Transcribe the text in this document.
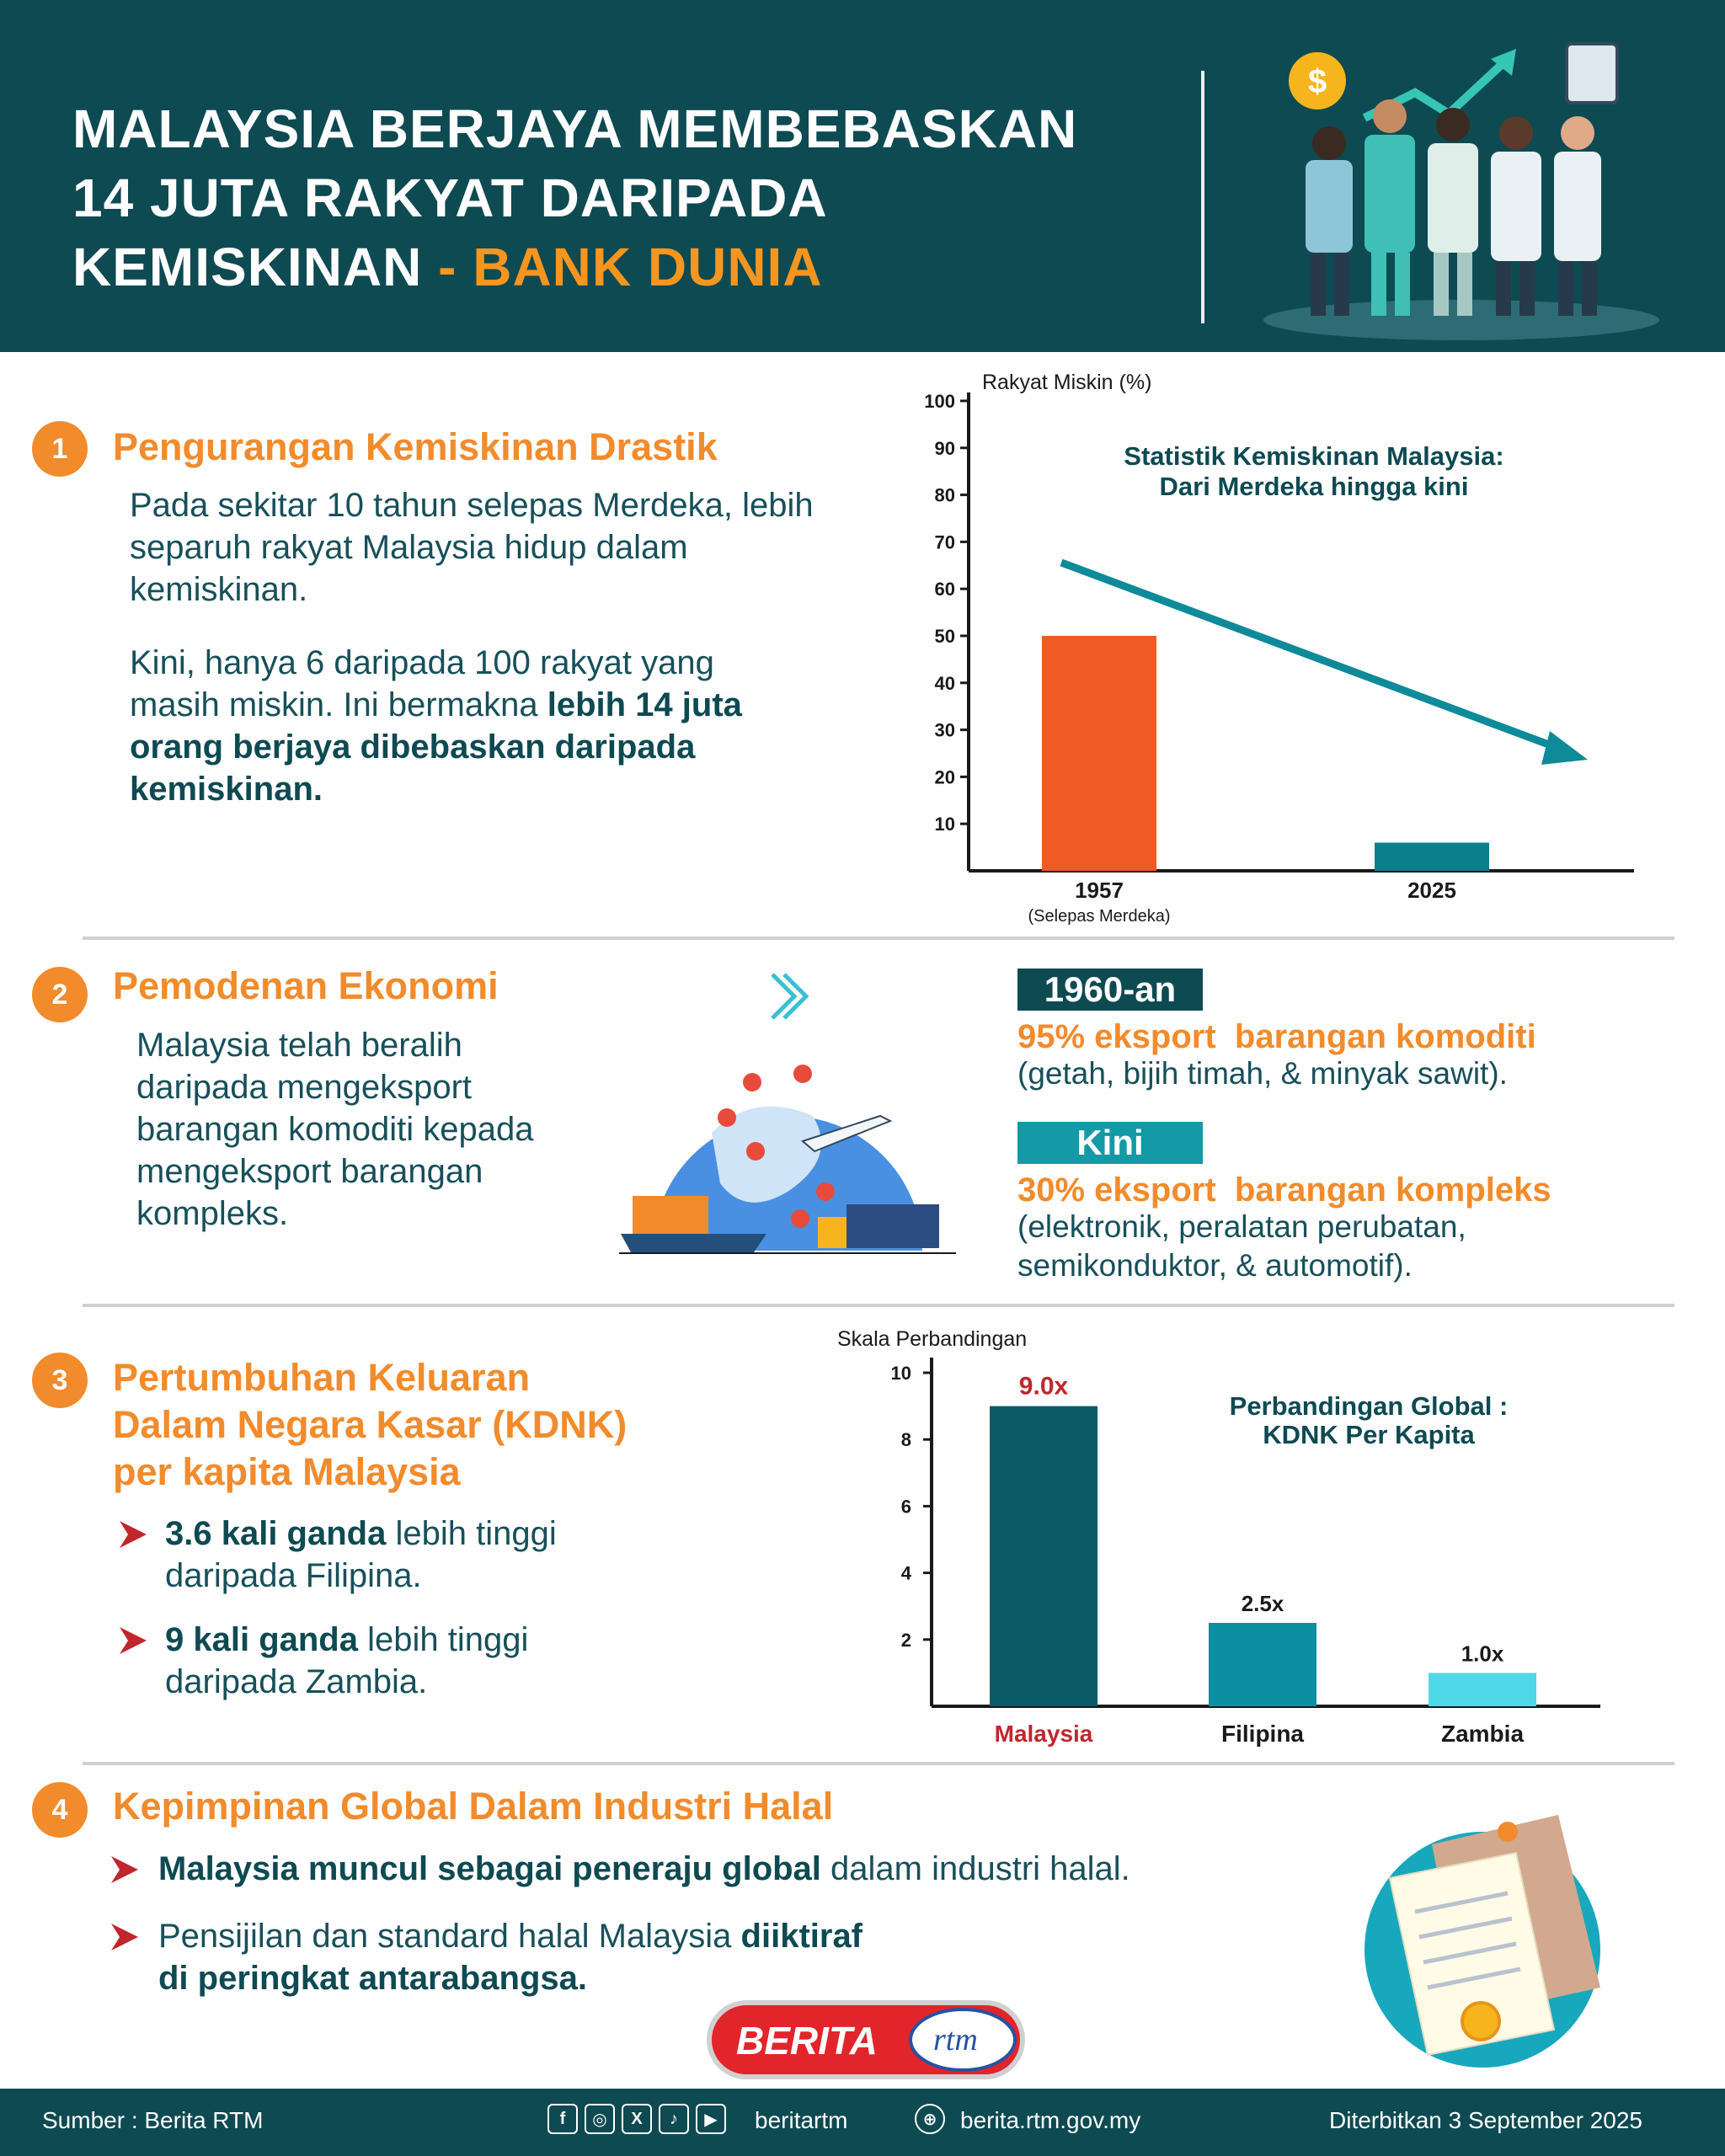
MALAYSIA BERJAYA MEMBEBASKAN
14 JUTA RAKYAT DARIPADA
KEMISKINAN - BANK DUNIA
$
1	Pengurangan Kemiskinan Drastik
Pada sekitar 10 tahun selepas Merdeka, lebih separuh rakyat Malaysia hidup dalam kemiskinan.
Kini, hanya 6 daripada 100 rakyat yang masih miskin. Ini bermakna lebih 14 juta orang berjaya dibebaskan daripada kemiskinan.
Rakyat Miskin (%)
10
20
30
40
50
60
70
80
90
100
1957
(Selepas Merdeka)
2025
Statistik Kemiskinan Malaysia:
Dari Merdeka hingga kini
2	Pemodenan Ekonomi
Malaysia telah beralih daripada mengeksport barangan komoditi kepada mengeksport barangan kompleks.
1960-an
95% eksport  barangan komoditi
(getah, bijih timah, & minyak sawit).
Kini
30% eksport  barangan kompleks
(elektronik, peralatan perubatan, semikonduktor, & automotif).
3	Pertumbuhan Keluaran
Dalam Negara Kasar (KDNK)
per kapita Malaysia
3.6 kali ganda lebih tinggi
daripada Filipina.
9 kali ganda lebih tinggi
daripada Zambia.
Skala Perbandingan
2
4
6
8
10	9.0x
Malaysia
2.5x
Filipina
1.0x
Zambia
Perbandingan Global :
KDNK Per Kapita
4	Kepimpinan Global Dalam Industri Halal
Malaysia muncul sebagai peneraju global dalam industri halal.
Pensijilan dan standard halal Malaysia diiktiraf
di peringkat antarabangsa.
BERITA rtm
Sumber : Berita RTM	f	◎	X	♪	▶	beritartm	⊕ berita.rtm.gov.my	Diterbitkan 3 September 2025
